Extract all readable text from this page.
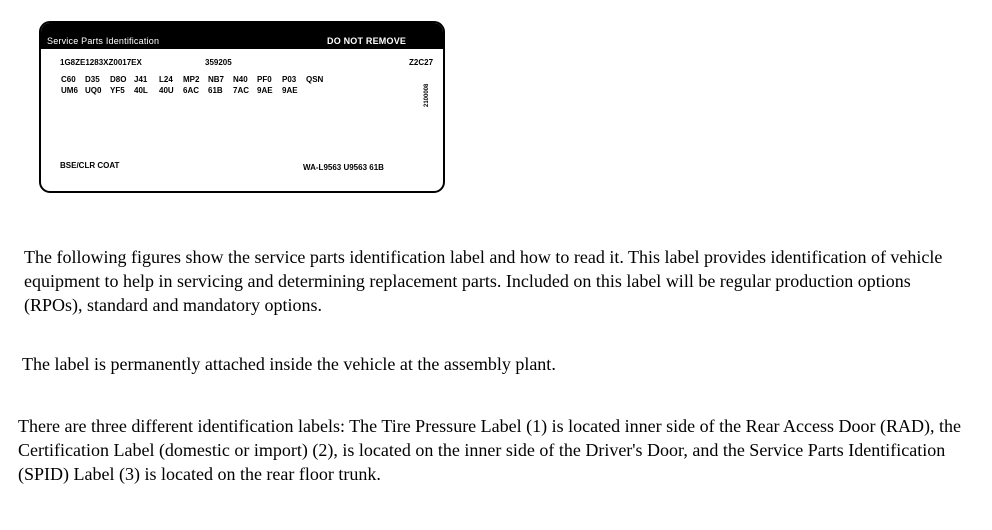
Service Parts Identification	DO NOT REMOVE
1G8ZE1283XZ0017EX	359205	Z2C27
C60 D35 D8O J41 L24 MP2 NB7 N40 PF0 P03 QSN
UM6 UQ0 YF5 40L 40U 6AC 61B 7AC 9AE 9AE	2100008
BSE/CLR COAT	WA-L9563 U9563 61B
The following figures show the service parts identification label and how to read it. This label provides identification of vehicle equipment to help in servicing and determining replacement parts. Included on this label will be regular production options (RPOs), standard and mandatory options.
The label is permanently attached inside the vehicle at the assembly plant.
There are three different identification labels: The Tire Pressure Label (1) is located inner side of the Rear Access Door (RAD), the Certification Label (domestic or import) (2), is located on the inner side of the Driver's Door, and the Service Parts Identification (SPID) Label (3) is located on the rear floor trunk.
